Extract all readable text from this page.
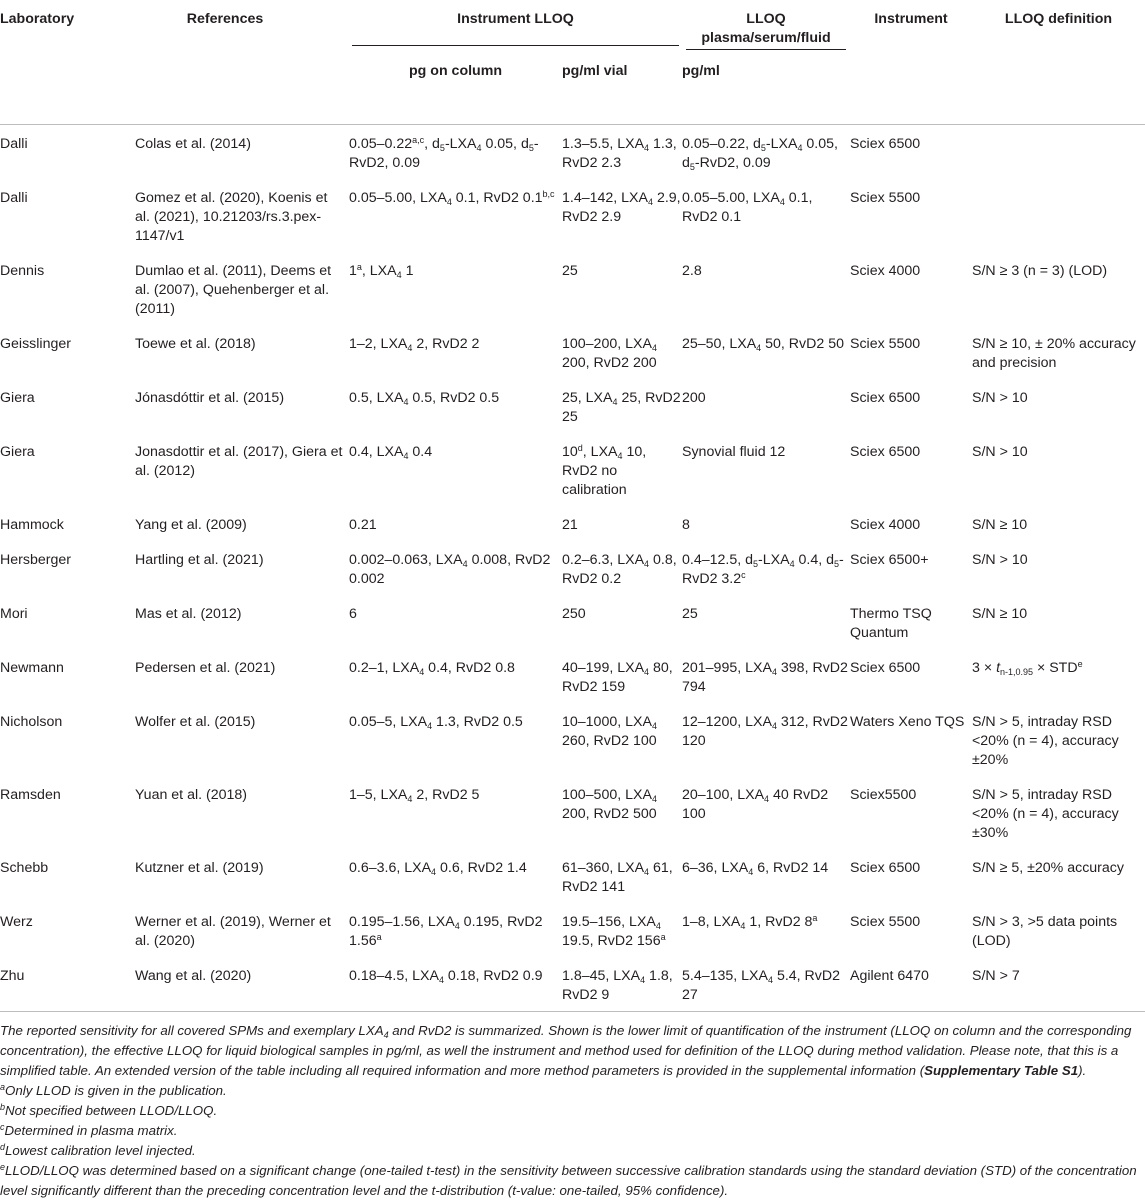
Laboratory	References	Instrument LLOQ		LLOQ plasma/serum/fluid	Instrument	LLOQ definition
		pg on column	pg/ml vial	pg/ml		
Dalli	Colas et al. (2014)	0.05–0.22$^{a,c}$, $d_5-LXA_4$ 0.05, $d_5-RvD2$, 0.09	1.3–5.5, $LXA_4$ 1.3, RvD2 2.3	0.05–0.22, $d_5-LXA_4$ 0.05, $d_5-RvD2$, 0.09	Sciex 6500	
Dalli	Gomez et al. (2020), Koenis et al. (2021), 10.21203/rs.3.pex-1147/v1	0.05–5.00, $LXA_4$ 0.1, RvD2 0.1$^{b,c}$	1.4–142, $LXA_4$ 2.9, RvD2 2.9	0.05–5.00, $LXA_4$ 0.1, RvD2 0.1	Sciex 5500	
Dennis	Dumlao et al. (2011), Deems et al. (2007), Quehenberger et al. (2011)	1$^a$, $LXA_4$ 1	25	2.8	Sciex 4000	S/N ≥ 3 (n = 3) (LOD)
Geisslinger	Toewe et al. (2018)	1–2, $LXA_4$ 2, RvD2 2	100–200, $LXA_4$ 200, RvD2 200	25–50, $LXA_4$ 50, RvD2 50	Sciex 5500	S/N ≥ 10, ± 20% accuracy and precision
Giera	Jónasdóttir et al. (2015)	0.5, $LXA_4$ 0.5, RvD2 0.5	25, $LXA_4$ 25, RvD2 25	200	Sciex 6500	S/N > 10
Giera	Jonasdottir et al. (2017), Giera et al. (2012)	0.4, $LXA_4$ 0.4	10$^d$, $LXA_4$ 10, RvD2 no calibration	Synovial fluid 12	Sciex 6500	S/N > 10
Hammock	Yang et al. (2009)	0.21	21	8	Sciex 4000	S/N ≥ 10
Hersberger	Hartling et al. (2021)	0.002–0.063, $LXA_4$ 0.008, RvD2 0.002	0.2–6.3, $LXA_4$ 0.8, RvD2 0.2	0.4–12.5, $d_5-LXA_4$ 0.4, $d_5-RvD2$ 3.2$^c$	Sciex 6500+	S/N > 10
Mori	Mas et al. (2012)	6	250	25	Thermo TSQ Quantum	S/N ≥ 10
Newmann	Pedersen et al. (2021)	0.2–1, $LXA_4$ 0.4, RvD2 0.8	40–199, $LXA_4$ 80, RvD2 159	201–995, $LXA_4$ 398, RvD2 794	Sciex 6500	$3 \times t_{n-1,0.95} \times STD^e$
Nicholson	Wolfer et al. (2015)	0.05–5, $LXA_4$ 1.3, RvD2 0.5	10–1000, $LXA_4$ 260, RvD2 100	12–1200, $LXA_4$ 312, RvD2 120	Waters Xeno TQS	S/N > 5, intraday RSD <20% (n = 4), accuracy ±20%
Ramsden	Yuan et al. (2018)	1–5, $LXA_4$ 2, RvD2 5	100–500, $LXA_4$ 200, RvD2 500	20–100, $LXA_4$ 40 RvD2 100	Sciex5500	S/N > 5, intraday RSD <20% (n = 4), accuracy ±30%
Schebb	Kutzner et al. (2019)	0.6–3.6, $LXA_4$ 0.6, RvD2 1.4	61–360, $LXA_4$ 61, RvD2 141	6–36, $LXA_4$ 6, RvD2 14	Sciex 6500	S/N ≥ 5, ±20% accuracy
Werz	Werner et al. (2019), Werner et al. (2020)	0.195–1.56, $LXA_4$ 0.195, RvD2 1.56$^a$	19.5–156, $LXA_4$ 19.5, RvD2 156$^a$	1–8, $LXA_4$ 1, RvD2 8$^a$	Sciex 5500	S/N > 3, >5 data points (LOD)
Zhu	Wang et al. (2020)	0.18–4.5, $LXA_4$ 0.18, RvD2 0.9	1.8–45, $LXA_4$ 1.8, RvD2 9	5.4–135, $LXA_4$ 5.4, RvD2 27	Agilent 6470	S/N > 7
The reported sensitivity for all covered SPMs and exemplary $LXA_4$ and RvD2 is summarized. Shown is the lower limit of quantification of the instrument (LLOQ on column and the corresponding concentration), the effective LLOQ for liquid biological samples in pg/ml, as well the instrument and method used for definition of the LLOQ during method validation. Please note, that this is a simplified table. An extended version of the table including all required information and more method parameters is provided in the supplemental information (Supplementary Table S1).
$^a$Only LLOD is given in the publication.
$^b$Not specified between LLOD/LLOQ.
$^c$Determined in plasma matrix.
$^d$Lowest calibration level injected.
$^e$LLOD/LLOQ was determined based on a significant change (one-tailed t-test) in the sensitivity between successive calibration standards using the standard deviation (STD) of the concentration level significantly different than the preceding concentration level and the t-distribution (t-value: one-tailed, 95% confidence).
